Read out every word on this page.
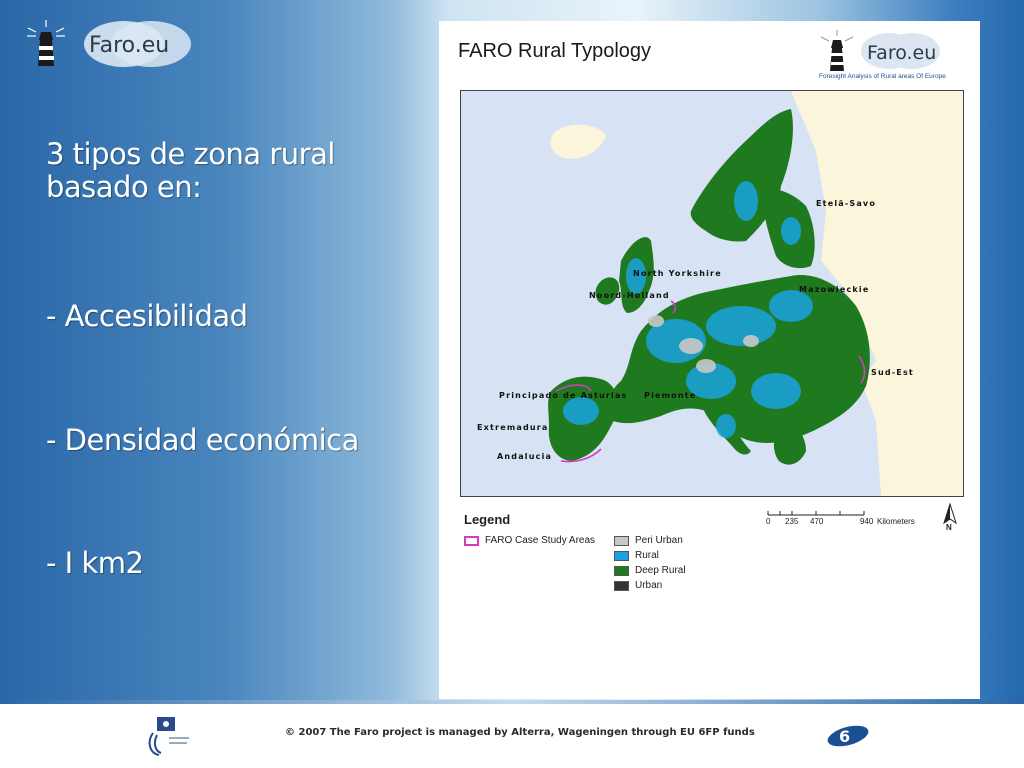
Faro.eu

3 tipos de zona rural

basado en:

- Accesibilidad

- Densidad económica

- I km2

FARO Rural Typology	Faro.eu
Foresight Analysis of Rural areas Of Europe
Etelä-Savo
North Yorkshire
Noord-Holland
Mazowieckie
Sud-Est
Principado de Asturias Piemonte
Extremadura
Andalucia
Legend
FARO Case Study Areas	Peri Urban
Rural
Deep Rural
Urban
0 235 470	940 Kilometers
N
© 2007 The Faro project is managed by Alterra, Wageningen through EU 6FP funds	6
